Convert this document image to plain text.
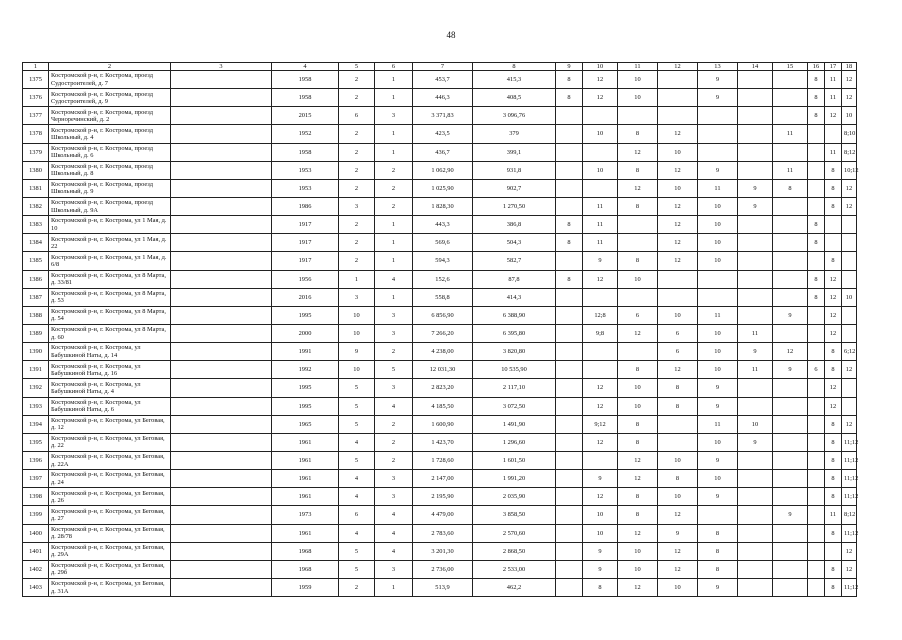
48
1	2	3	4	5	6	7	8	9	10	11	12	13	14	15	16	17	18
1375	Костромской р-н, г. Кострома, проезд Судостроителей, д. 7		1958	2	1	453,7	415,3	8	12	10		9			8	11	12
1376	Костромской р-н, г. Кострома, проезд Судостроителей, д. 9		1958	2	1	446,3	408,5	8	12	10		9			8	11	12
1377	Костромской р-н, г. Кострома, проезд Черноречинский, д. 2		2015	6	3	3 371,83	3 096,76								8	12	10
1378	Костромской р-н, г. Кострома, проезд Школьный, д. 4		1952	2	1	423,5	379		10	8	12			11			8;10
1379	Костромской р-н, г. Кострома, проезд Школьный, д. 6		1958	2	1	436,7	399,1			12	10					11	8;12
1380	Костромской р-н, г. Кострома, проезд Школьный, д. 8		1953	2	2	1 062,90	931,8		10	8	12	9		11		8	10;12
1381	Костромской р-н, г. Кострома, проезд Школьный, д. 9		1953	2	2	1 025,90	902,7			12	10	11	9	8		8	12
1382	Костромской р-н, г. Кострома, проезд Школьный, д. 9А		1986	3	2	1 828,30	1 270,50		11	8	12	10	9			8	12
1383	Костромской р-н, г. Кострома, ул 1 Мая, д. 10		1917	2	1	443,3	386,8	8	11		12	10			8		
1384	Костромской р-н, г. Кострома, ул 1 Мая, д. 22		1917	2	1	569,6	504,3	8	11		12	10			8		
1385	Костромской р-н, г. Кострома, ул 1 Мая, д. 6/8		1917	2	1	594,3	582,7		9	8	12	10				8	
1386	Костромской р-н, г. Кострома, ул 8 Марта, д. 33/81		1956	1	4	152,6	87,8	8	12	10					8	12	
1387	Костромской р-н, г. Кострома, ул 8 Марта, д. 53		2016	3	1	558,8	414,3								8	12	10
1388	Костромской р-н, г. Кострома, ул 8 Марта, д. 54		1995	10	3	6 856,90	6 388,90		12;8	6	10	11		9		12	
1389	Костромской р-н, г. Кострома, ул 8 Марта, д. 60		2000	10	3	7 266,20	6 395,80		9;8	12	6	10	11			12	
1390	Костромской р-н, г. Кострома, ул Бабушкиной Наты, д. 14		1991	9	2	4 238,00	3 820,80				6	10	9	12		8	6;12
1391	Костромской р-н, г. Кострома, ул Бабушкиной Наты, д. 16		1992	10	5	12 031,30	10 535,90			8	12	10	11	9	6	8	12
1392	Костромской р-н, г. Кострома, ул Бабушкиной Наты, д. 4		1995	5	3	2 823,20	2 117,10		12	10	8	9				12	
1393	Костромской р-н, г. Кострома, ул Бабушкиной Наты, д. 6		1995	5	4	4 185,50	3 072,50		12	10	8	9				12	
1394	Костромской р-н, г. Кострома, ул Беговая, д. 12		1965	5	2	1 600,90	1 491,90		9;12	8		11	10			8	12
1395	Костромской р-н, г. Кострома, ул Беговая, д. 22		1961	4	2	1 423,70	1 296,60		12	8		10	9			8	11;12
1396	Костромской р-н, г. Кострома, ул Беговая, д. 22А		1961	5	2	1 728,60	1 601,50			12	10	9				8	11;12
1397	Костромской р-н, г. Кострома, ул Беговая, д. 24		1961	4	3	2 147,00	1 991,20		9	12	8	10				8	11;12
1398	Костромской р-н, г. Кострома, ул Беговая, д. 26		1961	4	3	2 195,90	2 035,90		12	8	10	9				8	11;12
1399	Костромской р-н, г. Кострома, ул Беговая, д. 27		1973	6	4	4 479,00	3 858,50		10	8	12			9		11	8;12
1400	Костромской р-н, г. Кострома, ул Беговая, д. 28/78		1961	4	4	2 783,60	2 570,60		10	12	9	8				8	11;12
1401	Костромской р-н, г. Кострома, ул Беговая, д. 29А		1968	5	4	3 201,30	2 868,50		9	10	12	8					12
1402	Костромской р-н, г. Кострома, ул Беговая, д. 29б		1968	5	3	2 736,00	2 533,00		9	10	12	8				8	12
1403	Костромской р-н, г. Кострома, ул Беговая, д. 31А		1959	2	1	513,9	462,2		8	12	10	9				8	11;12
